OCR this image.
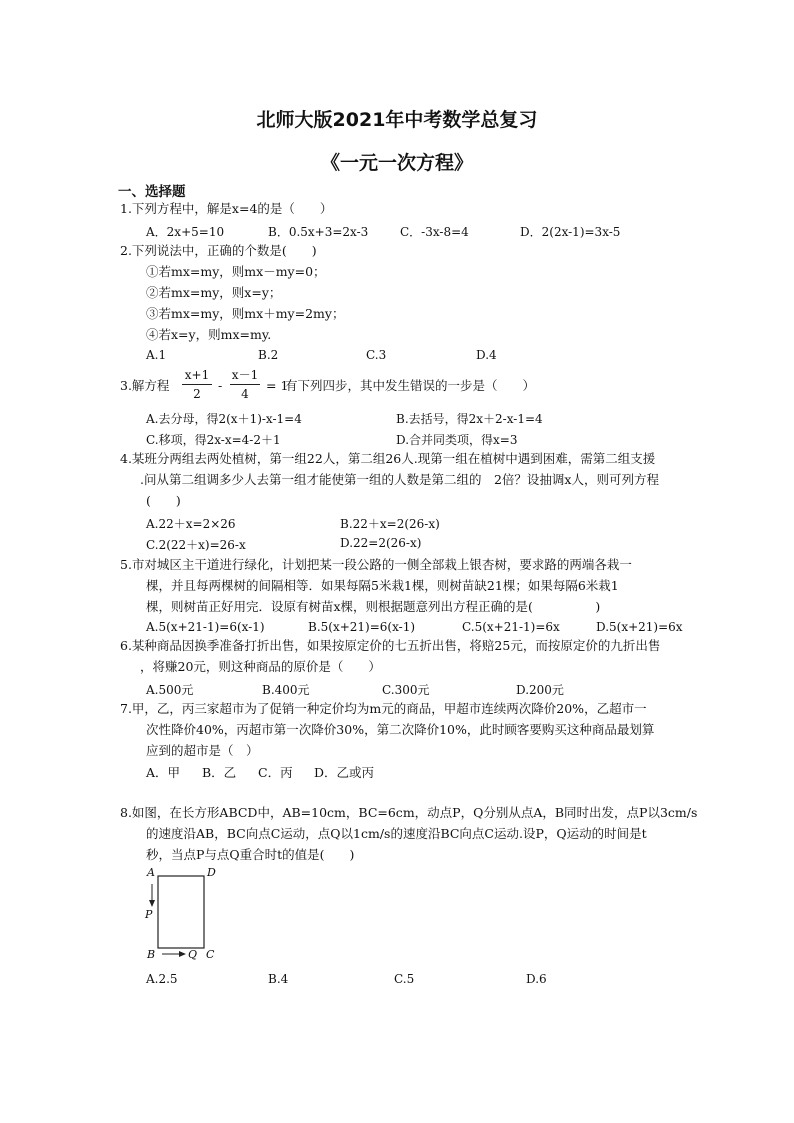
北师大版2021年中考数学总复习
《一元一次方程》
一、选择题
1.下列方程中，解是x=4的是（　　）
A．2x+5=10	B．0.5x+3=2x-3	C．-3x-8=4	D．2(2x-1)=3x-5
2.下列说法中，正确的个数是(　　)
①若mx=my，则mx－my=0；
②若mx=my，则x=y；
③若mx=my，则mx＋my=2my；
④若x=y，则mx=my.
A.1	B.2	C.3	D.4
3.解方程
x+1
2
-
x－1
4
= 1
有下列四步，其中发生错误的一步是（　　）
A.去分母，得2(x＋1)-x-1=4	B.去括号，得2x＋2-x-1=4
C.移项，得2x-x=4-2＋1	D.合并同类项，得x=3
4.某班分两组去两处植树，第一组22人，第二组26人.现第一组在植树中遇到困难，需第二组支援
.问从第二组调多少人去第一组才能使第一组的人数是第二组的　2倍？设抽调x人，则可列方程
(　　)
A.22＋x=2×26	B.22＋x=2(26-x)
C.2(22＋x)=26-x	D.22=2(26-x)
5.市对城区主干道进行绿化，计划把某一段公路的一侧全部栽上银杏树，要求路的两端各栽一
棵，并且每两棵树的间隔相等．如果每隔5米栽1棵，则树苗缺21棵；如果每隔6米栽1
棵，则树苗正好用完．设原有树苗x棵，则根据题意列出方程正确的是(　　　　　)
A.5(x+21-1)=6(x-1)	B.5(x+21)=6(x-1)	C.5(x+21-1)=6x	D.5(x+21)=6x
6.某种商品因换季准备打折出售，如果按原定价的七五折出售，将赔25元，而按原定价的九折出售
，将赚20元，则这种商品的原价是（　　）
A.500元	B.400元	C.300元	D.200元
7.甲，乙，丙三家超市为了促销一种定价均为m元的商品，甲超市连续两次降价20%，乙超市一
次性降价40%，丙超市第一次降价30%，第二次降价10%，此时顾客要购买这种商品最划算
应到的超市是（　）
A．甲 B．乙 C．丙 D．乙或丙
8.如图，在长方形ABCD中，AB=10cm，BC=6cm，动点P，Q分别从点A，B同时出发，点P以3cm/s
的速度沿AB，BC向点C运动，点Q以1cm/s的速度沿BC向点C运动.设P，Q运动的时间是t
秒，当点P与点Q重合时t的值是(　　)
A	D
P
B	Q C
A.2.5	B.4	C.5	D.6
